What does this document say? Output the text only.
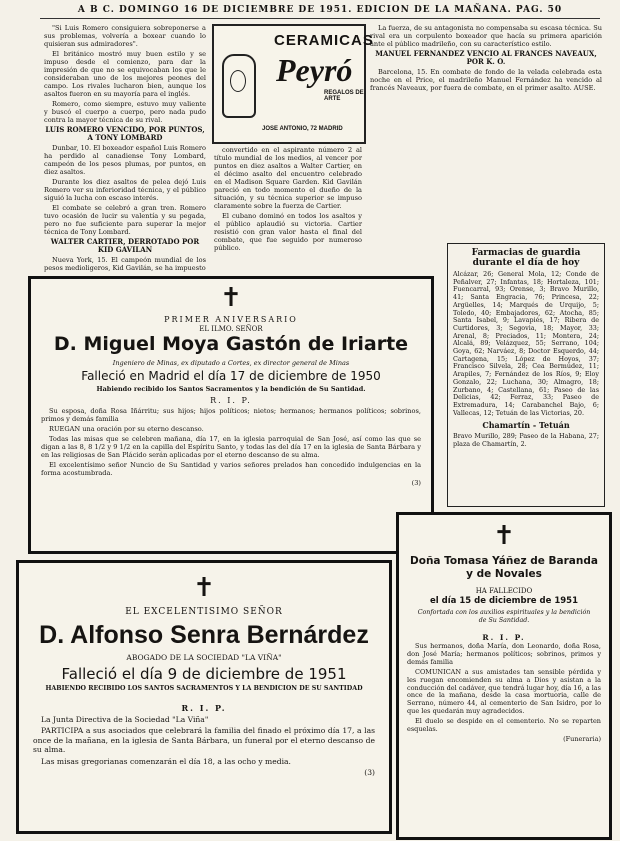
A B C. DOMINGO 16 DE DICIEMBRE DE 1951. EDICION DE LA MAÑANA. PAG. 50

"Si Luis Romero consiguiera sobreponerse a sus problemas, volvería a boxear cuando lo quisieran sus admiradores".

El británico mostró muy buen estilo y se impuso desde el comienzo, para dar la impresión de que no se equivocaban los que le consideraban uno de los mejores peones del campo. Los rivales lucharon bien, aunque los asaltos fueron en su mayoría para el inglés.

Romero, como siempre, estuvo muy valiente y buscó el cuerpo a cuerpo, pero nada pudo contra la mayor técnica de su rival.

LUIS ROMERO VENCIDO, POR PUNTOS, A TONY LOMBARD

Dunbar, 10. El boxeador español Luis Romero ha perdido al canadiense Tony Lombard, campeón de los pesos plumas, por puntos, en diez asaltos.

Durante los diez asaltos de pelea dejó Luis Romero ver su inferioridad técnica, y el público siguió la lucha con escaso interés.

El combate se celebró a gran tren. Romero tuvo ocasión de lucir su valentía y su pegada, pero no fue suficiente para superar la mejor técnica de Tony Lombard.

WALTER CARTIER, DERROTADO POR KID GAVILAN

Nueva York, 15. El campeón mundial de los pesos medioligeros, Kid Gavilán, se ha impuesto

CERAMICAS
Peyró
REGALOS DE ARTE
JOSE ANTONIO, 72 MADRID

convertido en el aspirante número 2 al título mundial de los medios, al vencer por puntos en diez asaltos a Walter Cartier, en el décimo asalto del encuentro celebrado en el Madison Square Garden. Kid Gavilán pareció en todo momento el dueño de la situación, y su técnica superior se impuso claramente sobre la fuerza de Cartier.

El cubano dominó en todos los asaltos y el público aplaudió su victoria. Cartier resistió con gran valor hasta el final del combate, que fue seguido por numeroso público.

La fuerza, de su antagonista no compensaba su escasa técnica. Su rival era un corpulento boxeador que hacía su primera aparición ante el público madrileño, con su característico estilo.

MANUEL FERNANDEZ VENCIO AL FRANCES NAVEAUX, POR K. O.

Barcelona, 15. En combate de fondo de la velada celebrada esta noche en el Price, el madrileño Manuel Fernández ha vencido al francés Naveaux, por fuera de combate, en el primer asalto. AUSE.

Farmacias de guardia durante el día de hoy
Alcázar, 26; General Mola, 12; Conde de Peñalver, 27; Infantas, 18; Hortaleza, 101; Fuencarral, 93; Orense, 3; Bravo Murillo, 41; Santa Engracia, 76; Princesa, 22; Argüelles, 14; Marqués de Urquijo, 5; Toledo, 40; Embajadores, 62; Atocha, 85; Santa Isabel, 9; Lavapiés, 17; Ribera de Curtidores, 3; Segovia, 18; Mayor, 33; Arenal, 8; Preciados, 11; Montera, 24; Alcalá, 89; Velázquez, 55; Serrano, 104; Goya, 62; Narváez, 8; Doctor Esquerdo, 44; Cartagena, 15; López de Hoyos, 37; Francisco Silvela, 28; Cea Bermúdez, 11; Arapiles, 7; Fernández de los Ríos, 9; Eloy Gonzalo, 22; Luchana, 30; Almagro, 18; Zurbano, 4; Castellana, 61; Paseo de las Delicias, 42; Ferraz, 33; Paseo de Extremadura, 14; Carabanchel Bajo, 6; Vallecas, 12; Tetuán de las Victorias, 20.
Chamartín - Tetuán
Bravo Murillo, 289; Paseo de la Habana, 27; plaza de Chamartín, 2.
✝
PRIMER ANIVERSARIO
EL ILMO. SEÑOR
D. Miguel Moya Gastón de Iriarte
Ingeniero de Minas, ex diputado a Cortes, ex director general de Minas
Falleció en Madrid el día 17 de diciembre de 1950
Habiendo recibido los Santos Sacramentos y la bendición de Su Santidad.
R. I. P.

Su esposa, doña Rosa Iñárritu; sus hijos; hijos políticos; nietos; hermanos; hermanos políticos; sobrinos, primos y demás familia

RUEGAN una oración por su eterno descanso.

Todas las misas que se celebren mañana, día 17, en la iglesia parroquial de San José, así como las que se digan a las 8, 8 1/2 y 9 1/2 en la capilla del Espíritu Santo, y todas las del día 17 en la iglesia de Santa Bárbara y en las religiosas de San Plácido serán aplicadas por el eterno descanso de su alma.

El excelentísimo señor Nuncio de Su Santidad y varios señores prelados han concedido indulgencias en la forma acostumbrada.

(3)

✝
EL EXCELENTISIMO SEÑOR
D. Alfonso Senra Bernárdez
ABOGADO DE LA SOCIEDAD "LA VIÑA"
Falleció el día 9 de diciembre de 1951
HABIENDO RECIBIDO LOS SANTOS SACRAMENTOS Y LA BENDICION DE SU SANTIDAD
R. I. P.

La Junta Directiva de la Sociedad "La Viña"

PARTICIPA a sus asociados que celebrará la familia del finado el próximo día 17, a las once de la mañana, en la iglesia de Santa Bárbara, un funeral por el eterno descanso de su alma.

Las misas gregorianas comenzarán el día 18, a las ocho y media.

(3)

✝
Doña Tomasa Yáñez de Baranda y de Novales
HA FALLECIDO
el día 15 de diciembre de 1951
Confortada con los auxilios espirituales y la bendición de Su Santidad.
R. I. P.

Sus hermanos, doña María, don Leonardo, doña Rosa, don José María; hermanos políticos; sobrinos, primos y demás familia

COMUNICAN a sus amistades tan sensible pérdida y les ruegan encomienden su alma a Dios y asistan a la conducción del cadáver, que tendrá lugar hoy, día 16, a las once de la mañana, desde la casa mortuoria, calle de Serrano, número 44, al cementerio de San Isidro, por lo que les quedarán muy agradecidos.

El duelo se despide en el cementerio. No se reparten esquelas.

(Funeraria)
